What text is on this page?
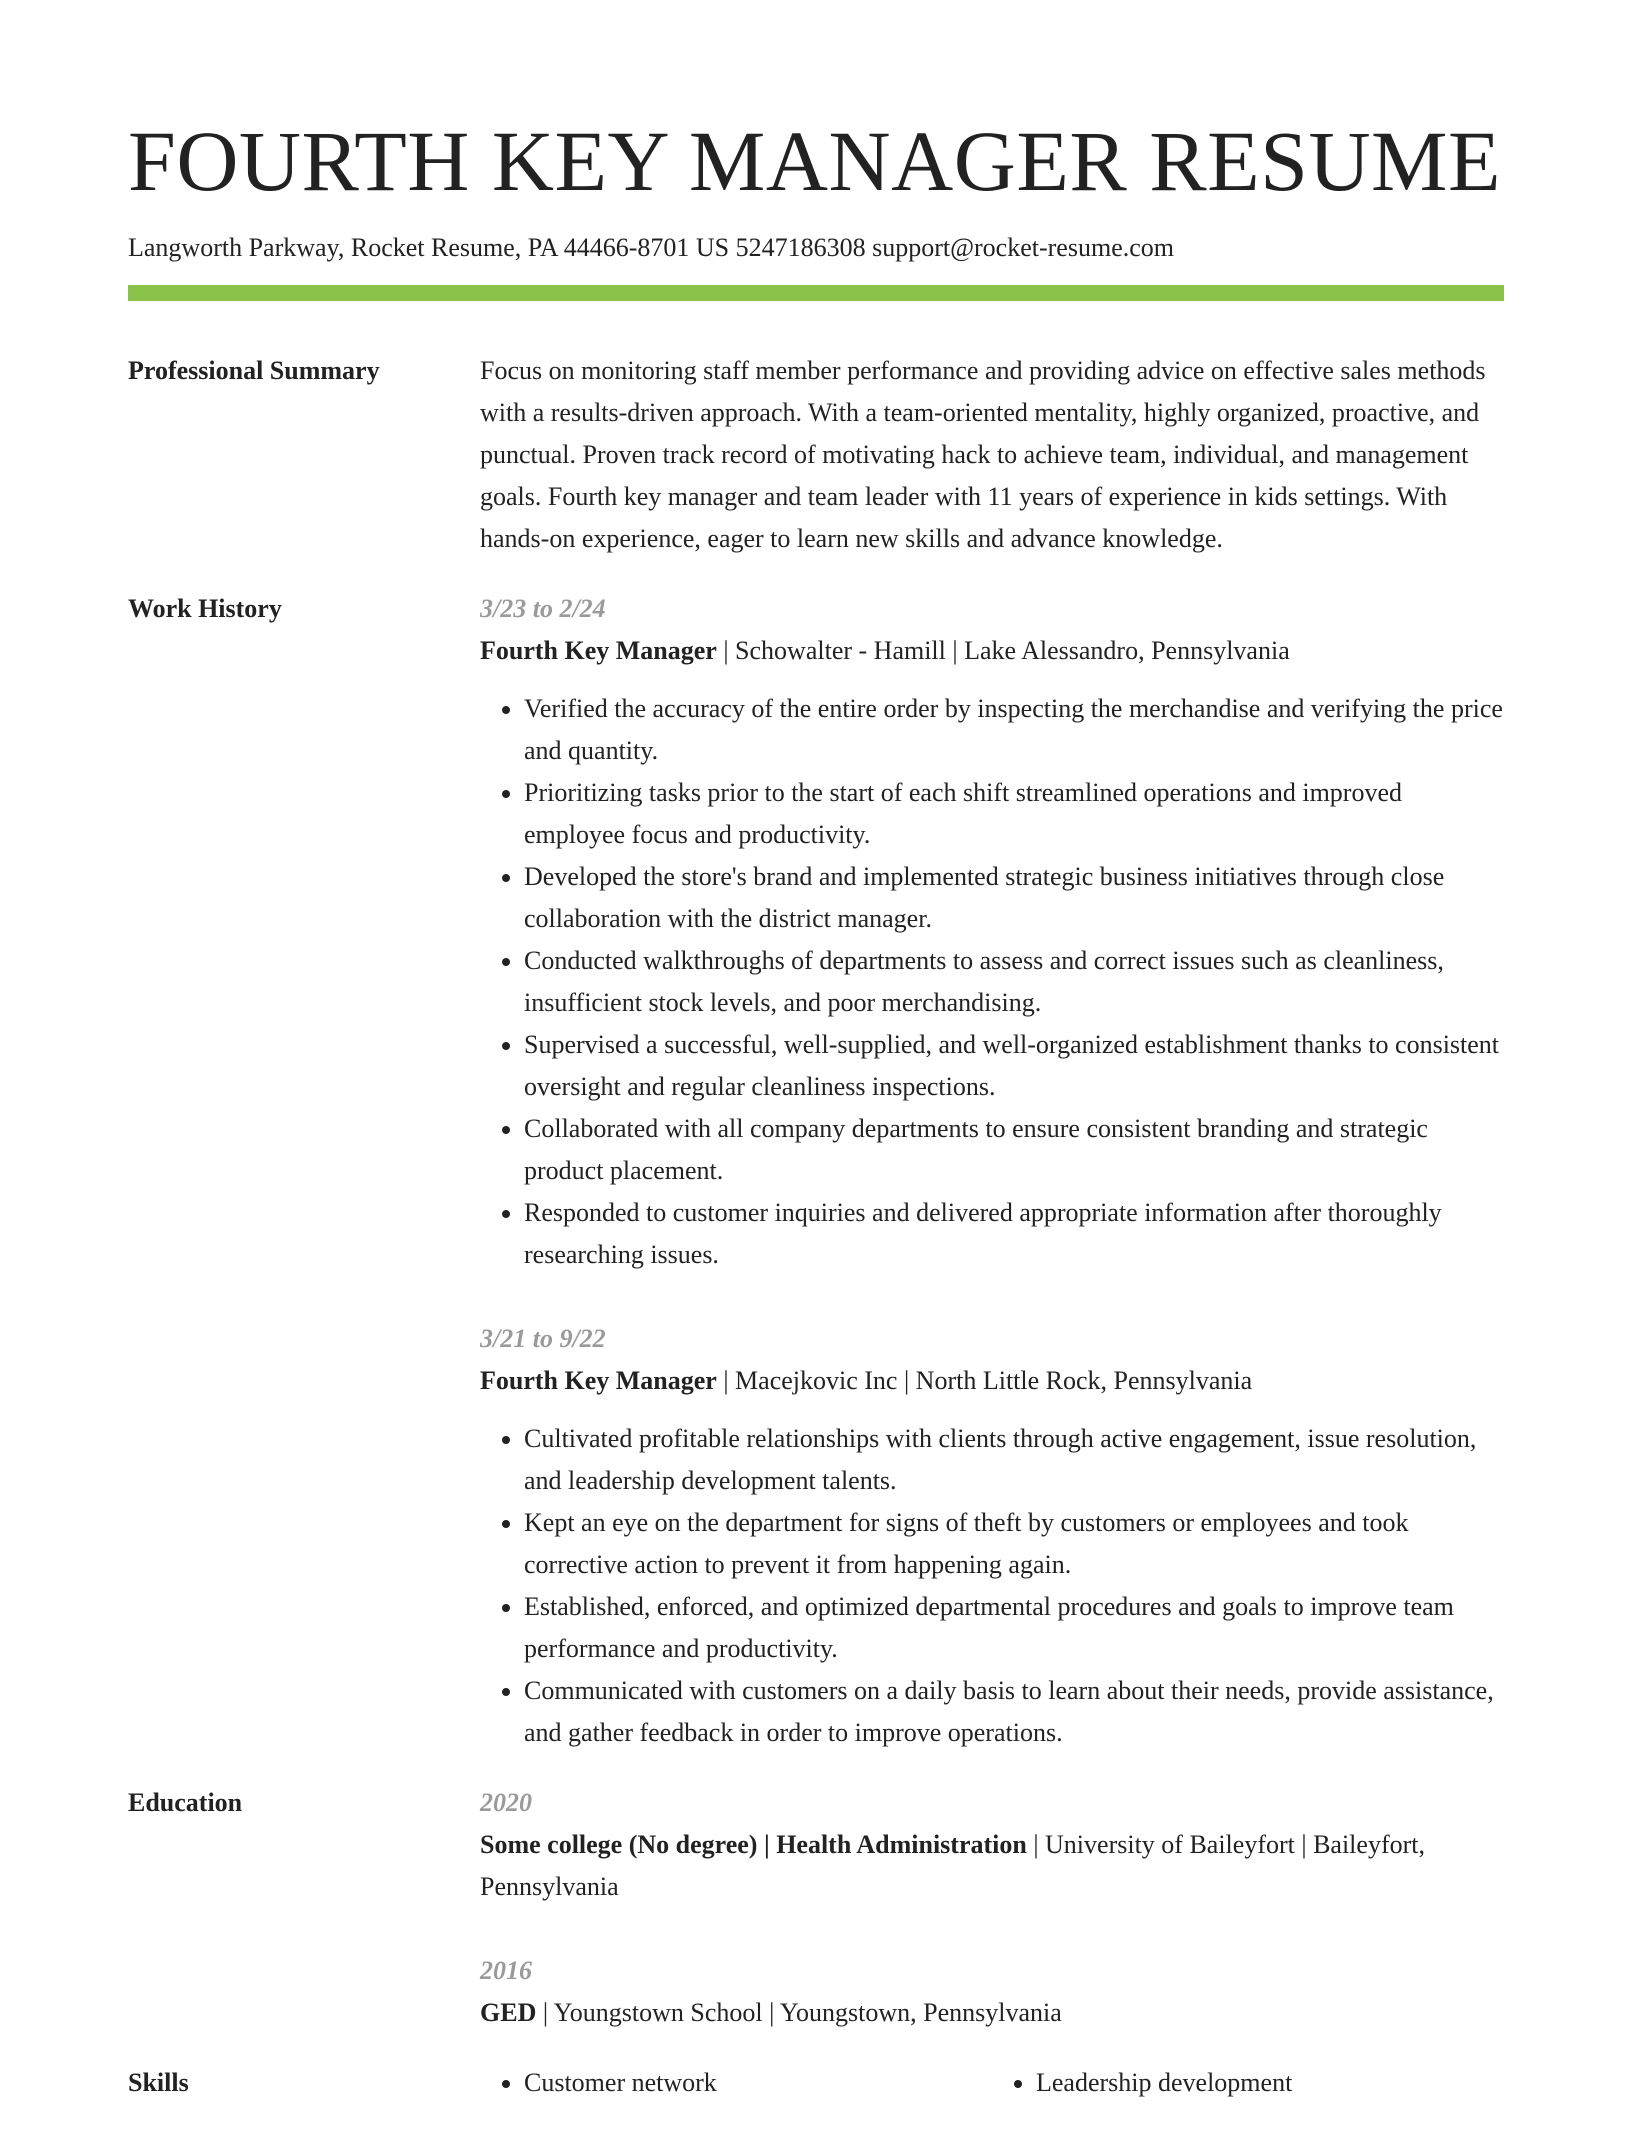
FOURTH KEY MANAGER RESUME
Langworth Parkway, Rocket Resume, PA 44466-8701 US 5247186308 support@rocket-resume.com
Professional Summary	Focus on monitoring staff member performance and providing advice on effective sales methods with a results-driven approach. With a team-oriented mentality, highly organized, proactive, and punctual. Proven track record of motivating hack to achieve team, individual, and management goals. Fourth key manager and team leader with 11 years of experience in kids settings. With hands-on experience, eager to learn new skills and advance knowledge.

Work History	3/23 to 2/24
Fourth Key Manager | Schowalter - Hamill | Lake Alessandro, Pennsylvania
• Verified the accuracy of the entire order by inspecting the merchandise and verifying the price and quantity.
• Prioritizing tasks prior to the start of each shift streamlined operations and improved employee focus and productivity.
• Developed the store's brand and implemented strategic business initiatives through close collaboration with the district manager.
• Conducted walkthroughs of departments to assess and correct issues such as cleanliness, insufficient stock levels, and poor merchandising.
• Supervised a successful, well-supplied, and well-organized establishment thanks to consistent oversight and regular cleanliness inspections.
• Collaborated with all company departments to ensure consistent branding and strategic product placement.
• Responded to customer inquiries and delivered appropriate information after thoroughly researching issues.
3/21 to 9/22
Fourth Key Manager | Macejkovic Inc | North Little Rock, Pennsylvania
• Cultivated profitable relationships with clients through active engagement, issue resolution, and leadership development talents.
• Kept an eye on the department for signs of theft by customers or employees and took corrective action to prevent it from happening again.
• Established, enforced, and optimized departmental procedures and goals to improve team performance and productivity.
• Communicated with customers on a daily basis to learn about their needs, provide assistance, and gather feedback in order to improve operations.
Education	2020
Some college (No degree) | Health Administration | University of Baileyfort | Baileyfort, Pennsylvania
2016
GED | Youngstown School | Youngstown, Pennsylvania
Skills	• Customer network	• Leadership development
